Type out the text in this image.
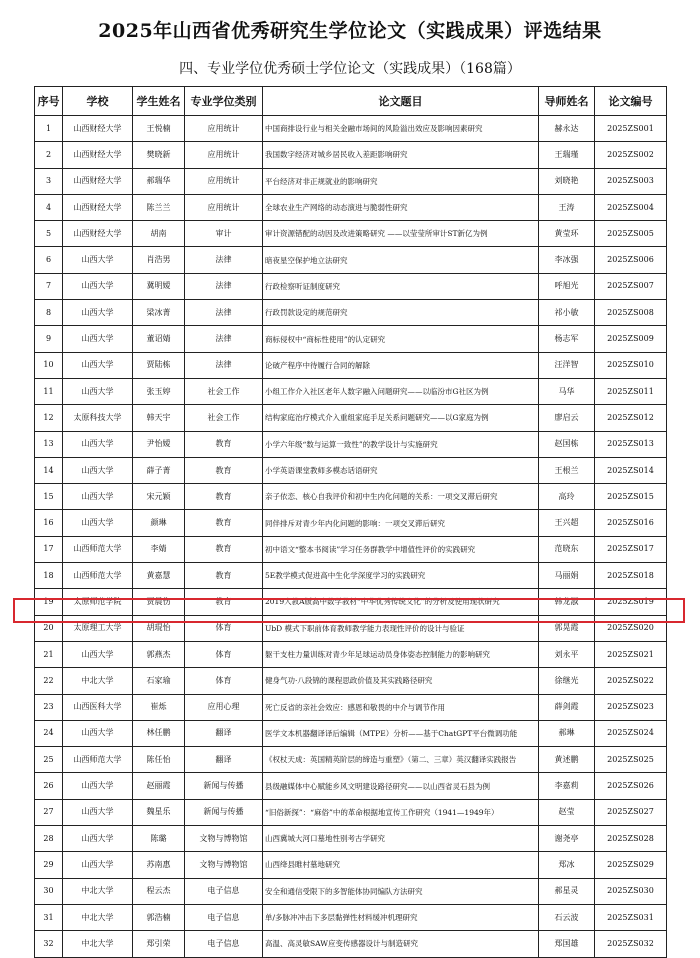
2025年山西省优秀研究生学位论文（实践成果）评选结果
四、专业学位优秀硕士学位论文（实践成果）（168篇）
序号	学校	学生姓名	专业学位类别	论文题目	导师姓名	论文编号
1	山西财经大学	王悦楠	应用统计	中国商排设行业与相关金融市场间的风险溢出效应及影响因素研究	赫永达	2025ZS001
2	山西财经大学	樊晓新	应用统计	我国数字经济对城乡居民收入差距影响研究	王瑞瑾	2025ZS002
3	山西财经大学	郝瑞华	应用统计	平台经济对非正规就业的影响研究	刘晓艳	2025ZS003
4	山西财经大学	陈兰兰	应用统计	全球农业生产网络的动态演进与脆弱性研究	王涛	2025ZS004
5	山西财经大学	胡南	审计	审计资源错配的动因及改进策略研究 ——以莹莹所审计ST新亿为例	黄莹环	2025ZS005
6	山西大学	肖浩男	法律	暗夜星空保护地立法研究	李冰强	2025ZS006
7	山西大学	冀明嫒	法律	行政检察听证制度研究	呼旭光	2025ZS007
8	山西大学	梁冰菁	法律	行政罚款设定的规范研究	祁小敏	2025ZS008
9	山西大学	董诏婧	法律	商标侵权中“商标性使用”的认定研究	杨志军	2025ZS009
10	山西大学	贾陆栋	法律	论破产程序中待履行合同的解除	汪洋智	2025ZS010
11	山西大学	张玉婷	社会工作	小组工作介入社区老年人数字融入问题研究——以临汾市G社区为例	马华	2025ZS011
12	太原科技大学	韩天宇	社会工作	结构家庭治疗模式介入重组家庭手足关系问题研究——以G家庭为例	廖启云	2025ZS012
13	山西大学	尹怡嫒	教育	小学六年级“数与运算一致性”的教学设计与实施研究	赵国栋	2025ZS013
14	山西大学	薛子菁	教育	小学英语课堂教师多模态话语研究	王根兰	2025ZS014
15	山西大学	宋元颖	教育	亲子依恋、核心自我评价和初中生内化问题的关系：一项交叉滞后研究	高玲	2025ZS015
16	山西大学	颜琳	教育	同伴排斥对青少年内化问题的影响：一项交叉滞后研究	王兴超	2025ZS016
17	山西师范大学	李婧	教育	初中语文“整本书阅读”学习任务群教学中增值性评价的实践研究	范晓东	2025ZS017
18	山西师范大学	黄嘉慧	教育	5E教学模式促进高中生化学深度学习的实践研究	马丽娟	2025ZS018
19	太原师范学院	贾晨伤	教育	2019人教A版高中数学教材“中华优秀传统文化”的分析及使用现状研究	韩龙淑	2025ZS019
20	太原理工大学	胡琨怡	体育	UbD 模式下职前体育教师教学能力表现性评价的设计与验证	郭晃霞	2025ZS020
21	山西大学	郭燕杰	体育	躯干支柱力量训练对青少年足球运动员身体姿态控制能力的影响研究	刘永平	2025ZS021
22	中北大学	石家瑜	体育	健身气功·八段锦的课程思政价值及其实践路径研究	徐继光	2025ZS022
23	山西医科大学	崔烁	应用心理	死亡反省的亲社会效应：感恩和敬畏的中介与调节作用	薛剑霞	2025ZS023
24	山西大学	林任鹏	翻译	医学文本机器翻译译后编辑（MTPE）分析——基于ChatGPT平台微调功能	郝琳	2025ZS024
25	山西师范大学	陈任怡	翻译	《权杖天成：英国精英阶层的缔造与重塑》（第二、三章）英汉翻译实践报告	黄述鹏	2025ZS025
26	山西大学	赵丽霞	新闻与传播	县级融媒体中心赋能乡风文明建设路径研究——以山西省灵石县为例	李嘉莉	2025ZS026
27	山西大学	魏星乐	新闻与传播	“旧俗新探”：“麻俗”中的革命根据地宣传工作研究（1941—1949年）	赵莹	2025ZS027
28	山西大学	陈璐	文物与博物馆	山西冀城大河口墓地性别考古学研究	谢尧亭	2025ZS028
29	山西大学	苏南惠	文物与博物馆	山西绛县睢村墓地研究	郑冰	2025ZS029
30	中北大学	程云杰	电子信息	安全和通信受限下的多智能体协同编队方法研究	郝星灵	2025ZS030
31	中北大学	郭浩楠	电子信息	单/多脉冲冲击下多层黏弹性材料缓冲机理研究	石云波	2025ZS031
32	中北大学	郑引荣	电子信息	高温、高灵敏SAW应变传感器设计与制造研究	郑国雄	2025ZS032
